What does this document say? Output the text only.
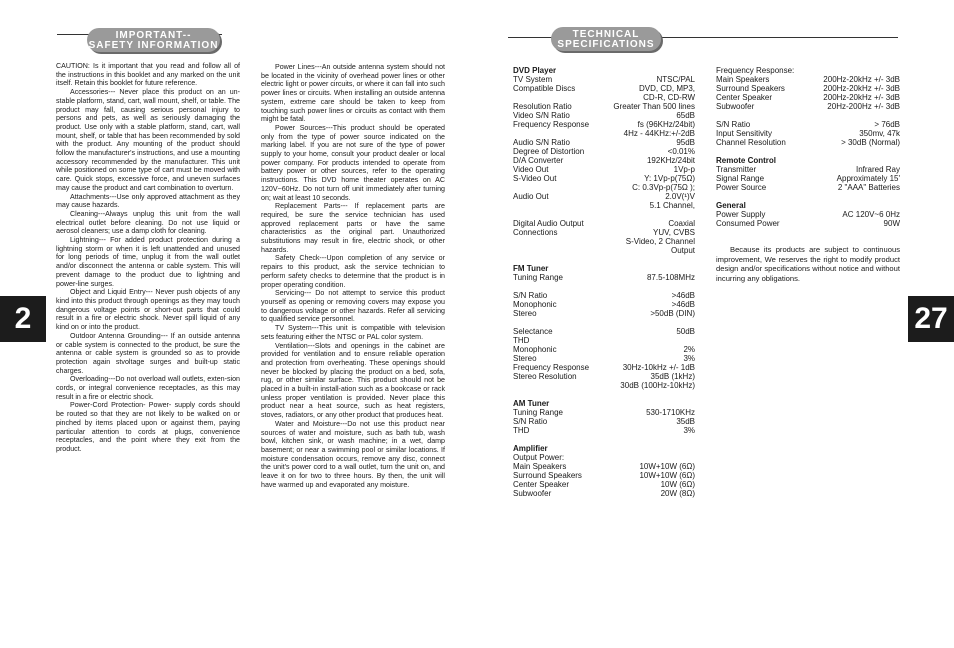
IMPORTANT--
SAFETY INFORMATION

CAUTION: Is it important that you read and follow all of the instructions in this booklet and any marked on the unit itself. Retain this booklet for future reference.

Accessories--- Never place this product on an un-stable platform, stand, cart, wall mount, shelf, or table. The product may fall, causing serious personal injury to persons and pets, as well as seriously damaging the product. Use only with a stable platform, stand, cart, wall mount, shelf, or table that has been recommended by sold with the product. Any mounting of the product should follow the manufacturer's instructions, and use a mounting accessory recommended by the manufacturer. This unit while positioned on some type of cart must be moved with care. Quick stops, excessive force, and uneven surfaces may cause the product and cart combination to overturn.

Attachments---Use only approved attachment as they may cause hazards.

Cleaning---Always unplug this unit from the wall electrical outlet before cleaning. Do not use liquid or aerosol cleaners; use a damp cloth for cleaning.

Lightning--- For added product protection during a lightning storm or when it is left unattended and unused for long periods of time, unplug it from the wall outlet and/or disconnect the antenna or cable system. This will prevent damage to the product due to lightning and power-line surges.

Object and Liquid Entry--- Never push objects of any kind into this product through openings as they may touch dangerous voltage points or short-out parts that could result in a fire or electric shock. Never spill liquid of any kind on or into the product.

Outdoor Antenna Grounding--- If an outside antenna or cable system is connected to the product, be sure the antenna or cable system is grounded so as to provide protection again stvoltage surges and built-up static charges.

Overloading---Do not overload wall outlets, exten-sion cords, or integral convenience receptacles, as this may result in a fire or electric shock.

Power-Cord Protection- Power- supply cords should be routed so that they are not likely to be walked on or pinched by items placed upon or against them, paying particular attention to cords at plugs, convenience receptacles, and the point where they exit from the product.

Power Lines---An outside antenna system should not be located in the vicinity of overhead power lines or other electric light or power circuits, or where it can fall into such power lines or circuits. When installing an outside antenna system, extreme care should be taken to keep from touching such power lines or circuits as contact with them might be fatal.

Power Sources---This product should be operated only from the type of power source indicated on the marking label. If you are not sure of the type of power supply to your home, consult your product dealer or local power company. For products intended to operate from battery power or other sources, refer to the operating instructions. This DVD home theater operates on AC 120V~60Hz. Do not turn off unit immediately after turning on; wait at least 10 seconds.

Replacement Parts--- If replacement parts are required, be sure the service technician has used approved replacement parts or have the same characteristics as the original part. Unauthorized substitutions may result in fire, electric shock, or other hazards.

Safety Check---Upon completion of any service or repairs to this product, ask the service technician to perform safety checks to determine that the product is in proper operating condition.

Servicing--- Do not attempt to service this product yourself as opening or removing covers may expose you to dangerous voltage or other hazards. Refer all servicing to qualified service personnel.

TV System---This unit is compatible with television sets featuring either the NTSC or PAL color system.

Ventilation---Slots and openings in the cabinet are provided for ventilation and to ensure reliable operation and protection from overheating. These openings should never be blocked by placing the product on a bed, sofa, rug, or other similar surface. This product should not be placed in a built-in install-ation such as a bookcase or rack unless proper ventilation is provided. Never place this product near a heat source, such as heat registers, stoves, radiators, or any other product that produces heat.

Water and Moisture---Do not use this product near sources of water and moisture, such as bath tub, wash bowl, kitchen sink, or wash machine; in a wet, damp basement; or near a swimming pool or similar locations. If moisture condensation occurs, remove any disc, connect the unit's power cord to a wall outlet, turn the unit on, and leave it on for two to three hours. By then, the unit will have warmed up and evaporated any moisture.

2
TECHNICAL
SPECIFICATIONS
DVD Player
TV System	NTSC/PAL
Compatible Discs	DVD, CD, MP3,
CD-R, CD-RW
Resolution Ratio	Greater Than 500 lines
Video S/N Ratio	65dB
Frequency Response	fs (96KHz/24bit)
4Hz - 44KHz:+/-2dB
Audio S/N Ratio	95dB
Degree of Distortion	<0.01%
D/A Converter	192KHz/24bit
Video Out	1Vp-p
S-Video Out	Y: 1Vp-p(75Ω)
C: 0.3Vp-p(75Ω );
Audio Out	2.0V(¹)V
5.1 Channel,
Digital Audio Output	Coaxial
Connections	YUV, CVBS
S-Video, 2 Channel
Output
FM Tuner
Tuning Range	87.5-108MHz
S/N Ratio	>46dB
Monophonic	>46dB
Stereo	>50dB (DIN)
Selectance	50dB
THD
Monophonic	2%
Stereo	3%
Frequency Response	30Hz-10kHz +/- 1dB
Stereo Resolution	35dB (1kHz)
30dB (100Hz-10kHz)
AM Tuner
Tuning Range	530-1710KHz
S/N Ratio	35dB
THD	3%
Amplifier
Output Power:
Main Speakers	10W+10W (6Ω)
Surround Speakers	10W+10W (6Ω)
Center Speaker	10W (6Ω)
Subwoofer	20W (8Ω)
Frequency Response:
Main Speakers	200Hz-20kHz +/- 3dB
Surround Speakers	200Hz-20kHz +/- 3dB
Center Speaker	200Hz-20kHz +/- 3dB
Subwoofer	20Hz-200Hz +/- 3dB
S/N Ratio	> 76dB
Input Sensitivity	350mv, 47k
Channel Resolution	> 30dB (Normal)
Remote Control
Transmitter	Infrared Ray
Signal Range	Approximately 15'
Power Source	2 "AAA" Batteries
General
Power Supply	AC 120V~6 0Hz
Consumed Power	90W

Because its products are subject to continuous improvement, We reserves the right to modify product design and/or specifications without notice and without incurring any obligations.

27
